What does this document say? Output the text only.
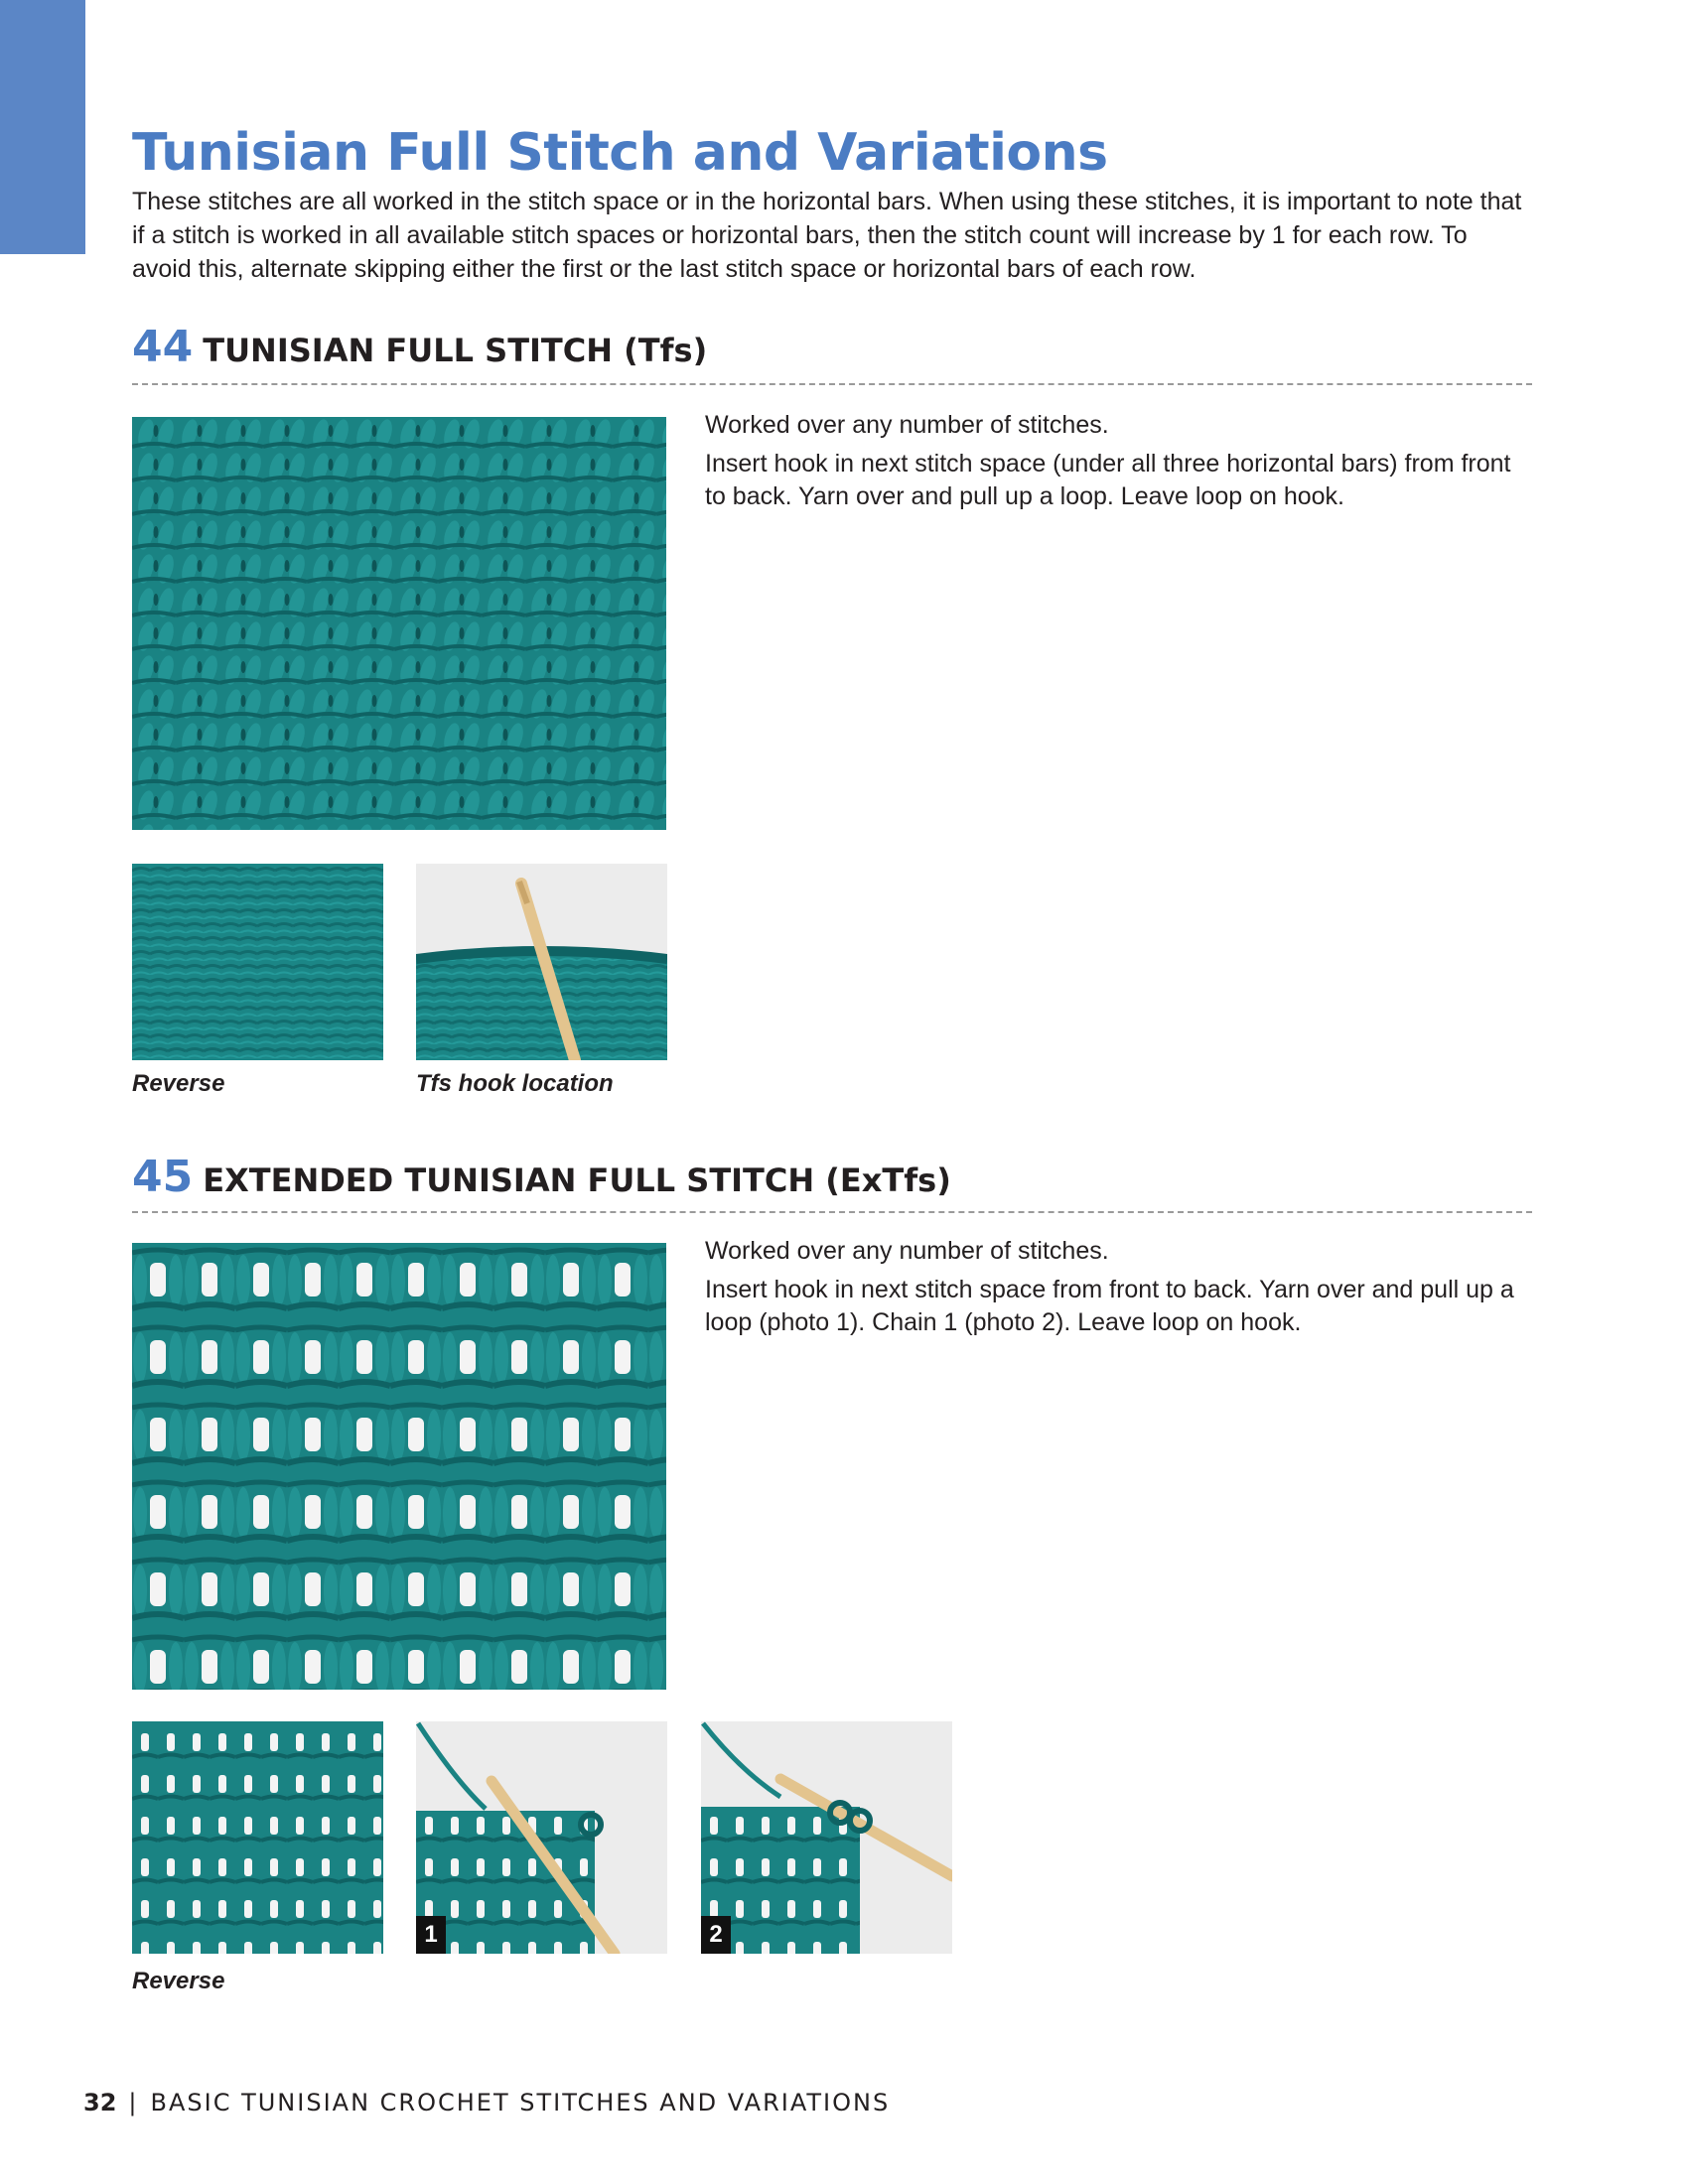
Tunisian Full Stitch and Variations

These stitches are all worked in the stitch space or in the horizontal bars. When using these stitches, it is important to note that if a stitch is worked in all available stitch spaces or horizontal bars, then the stitch count will increase by 1 for each row. To avoid this, alternate skipping either the first or the last stitch space or horizontal bars of each row.

44 TUNISIAN FULL STITCH (Tfs)

Worked over any number of stitches.

Insert hook in next stitch space (under all three horizontal bars) from front to back. Yarn over and pull up a loop. Leave loop on hook.

Reverse	Tfs hook location
45 EXTENDED TUNISIAN FULL STITCH (ExTfs)

Worked over any number of stitches.

Insert hook in next stitch space from front to back. Yarn over and pull up a loop (photo 1). Chain 1 (photo 2). Leave loop on hook.

1	2
Reverse
32 | BASIC TUNISIAN CROCHET STITCHES AND VARIATIONS
